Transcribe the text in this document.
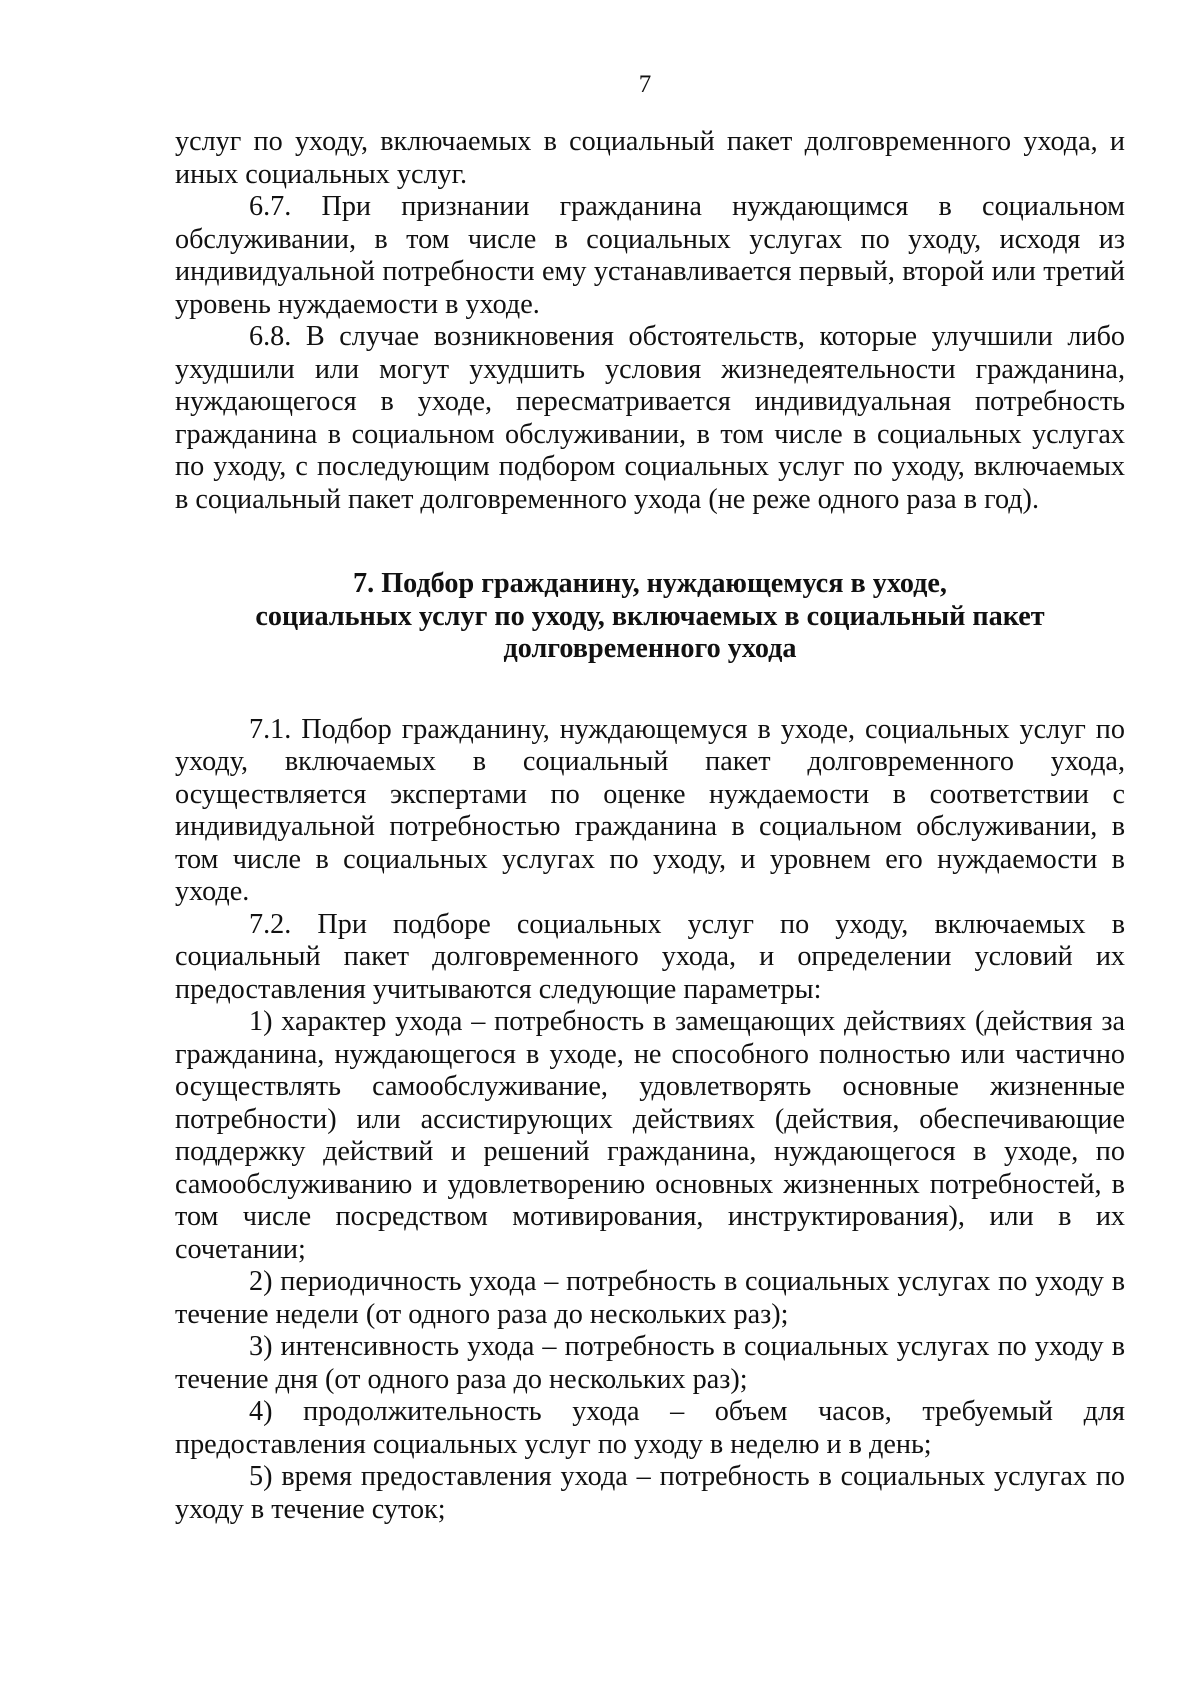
7

услуг по уходу, включаемых в социальный пакет долговременного ухода, и иных социальных услуг.

6.7. При признании гражданина нуждающимся в социальном обслуживании, в том числе в социальных услугах по уходу, исходя из индивидуальной потребности ему устанавливается первый, второй или третий уровень нуждаемости в уходе.

6.8. В случае возникновения обстоятельств, которые улучшили либо ухудшили или могут ухудшить условия жизнедеятельности гражданина, нуждающегося в уходе, пересматривается индивидуальная потребность гражданина в социальном обслуживании, в том числе в социальных услугах по уходу, с последующим подбором социальных услуг по уходу, включаемых в социальный пакет долговременного ухода (не реже одного раза в год).

7. Подбор гражданину, нуждающемуся в уходе,
социальных услуг по уходу, включаемых в социальный пакет
долговременного ухода

7.1. Подбор гражданину, нуждающемуся в уходе, социальных услуг по уходу, включаемых в социальный пакет долговременного ухода, осуществляется экспертами по оценке нуждаемости в соответствии с индивидуальной потребностью гражданина в социальном обслуживании, в том числе в социальных услугах по уходу, и уровнем его нуждаемости в уходе.

7.2. При подборе социальных услуг по уходу, включаемых в социальный пакет долговременного ухода, и определении условий их предоставления учитываются следующие параметры:

1) характер ухода – потребность в замещающих действиях (действия за гражданина, нуждающегося в уходе, не способного полностью или частично осуществлять самообслуживание, удовлетворять основные жизненные потребности) или ассистирующих действиях (действия, обеспечивающие поддержку действий и решений гражданина, нуждающегося в уходе, по самообслуживанию и удовлетворению основных жизненных потребностей, в том числе посредством мотивирования, инструктирования), или в их сочетании;

2) периодичность ухода – потребность в социальных услугах по уходу в течение недели (от одного раза до нескольких раз);

3) интенсивность ухода – потребность в социальных услугах по уходу в течение дня (от одного раза до нескольких раз);

4) продолжительность ухода – объем часов, требуемый для предоставления социальных услуг по уходу в неделю и в день;

5) время предоставления ухода – потребность в социальных услугах по уходу в течение суток;
